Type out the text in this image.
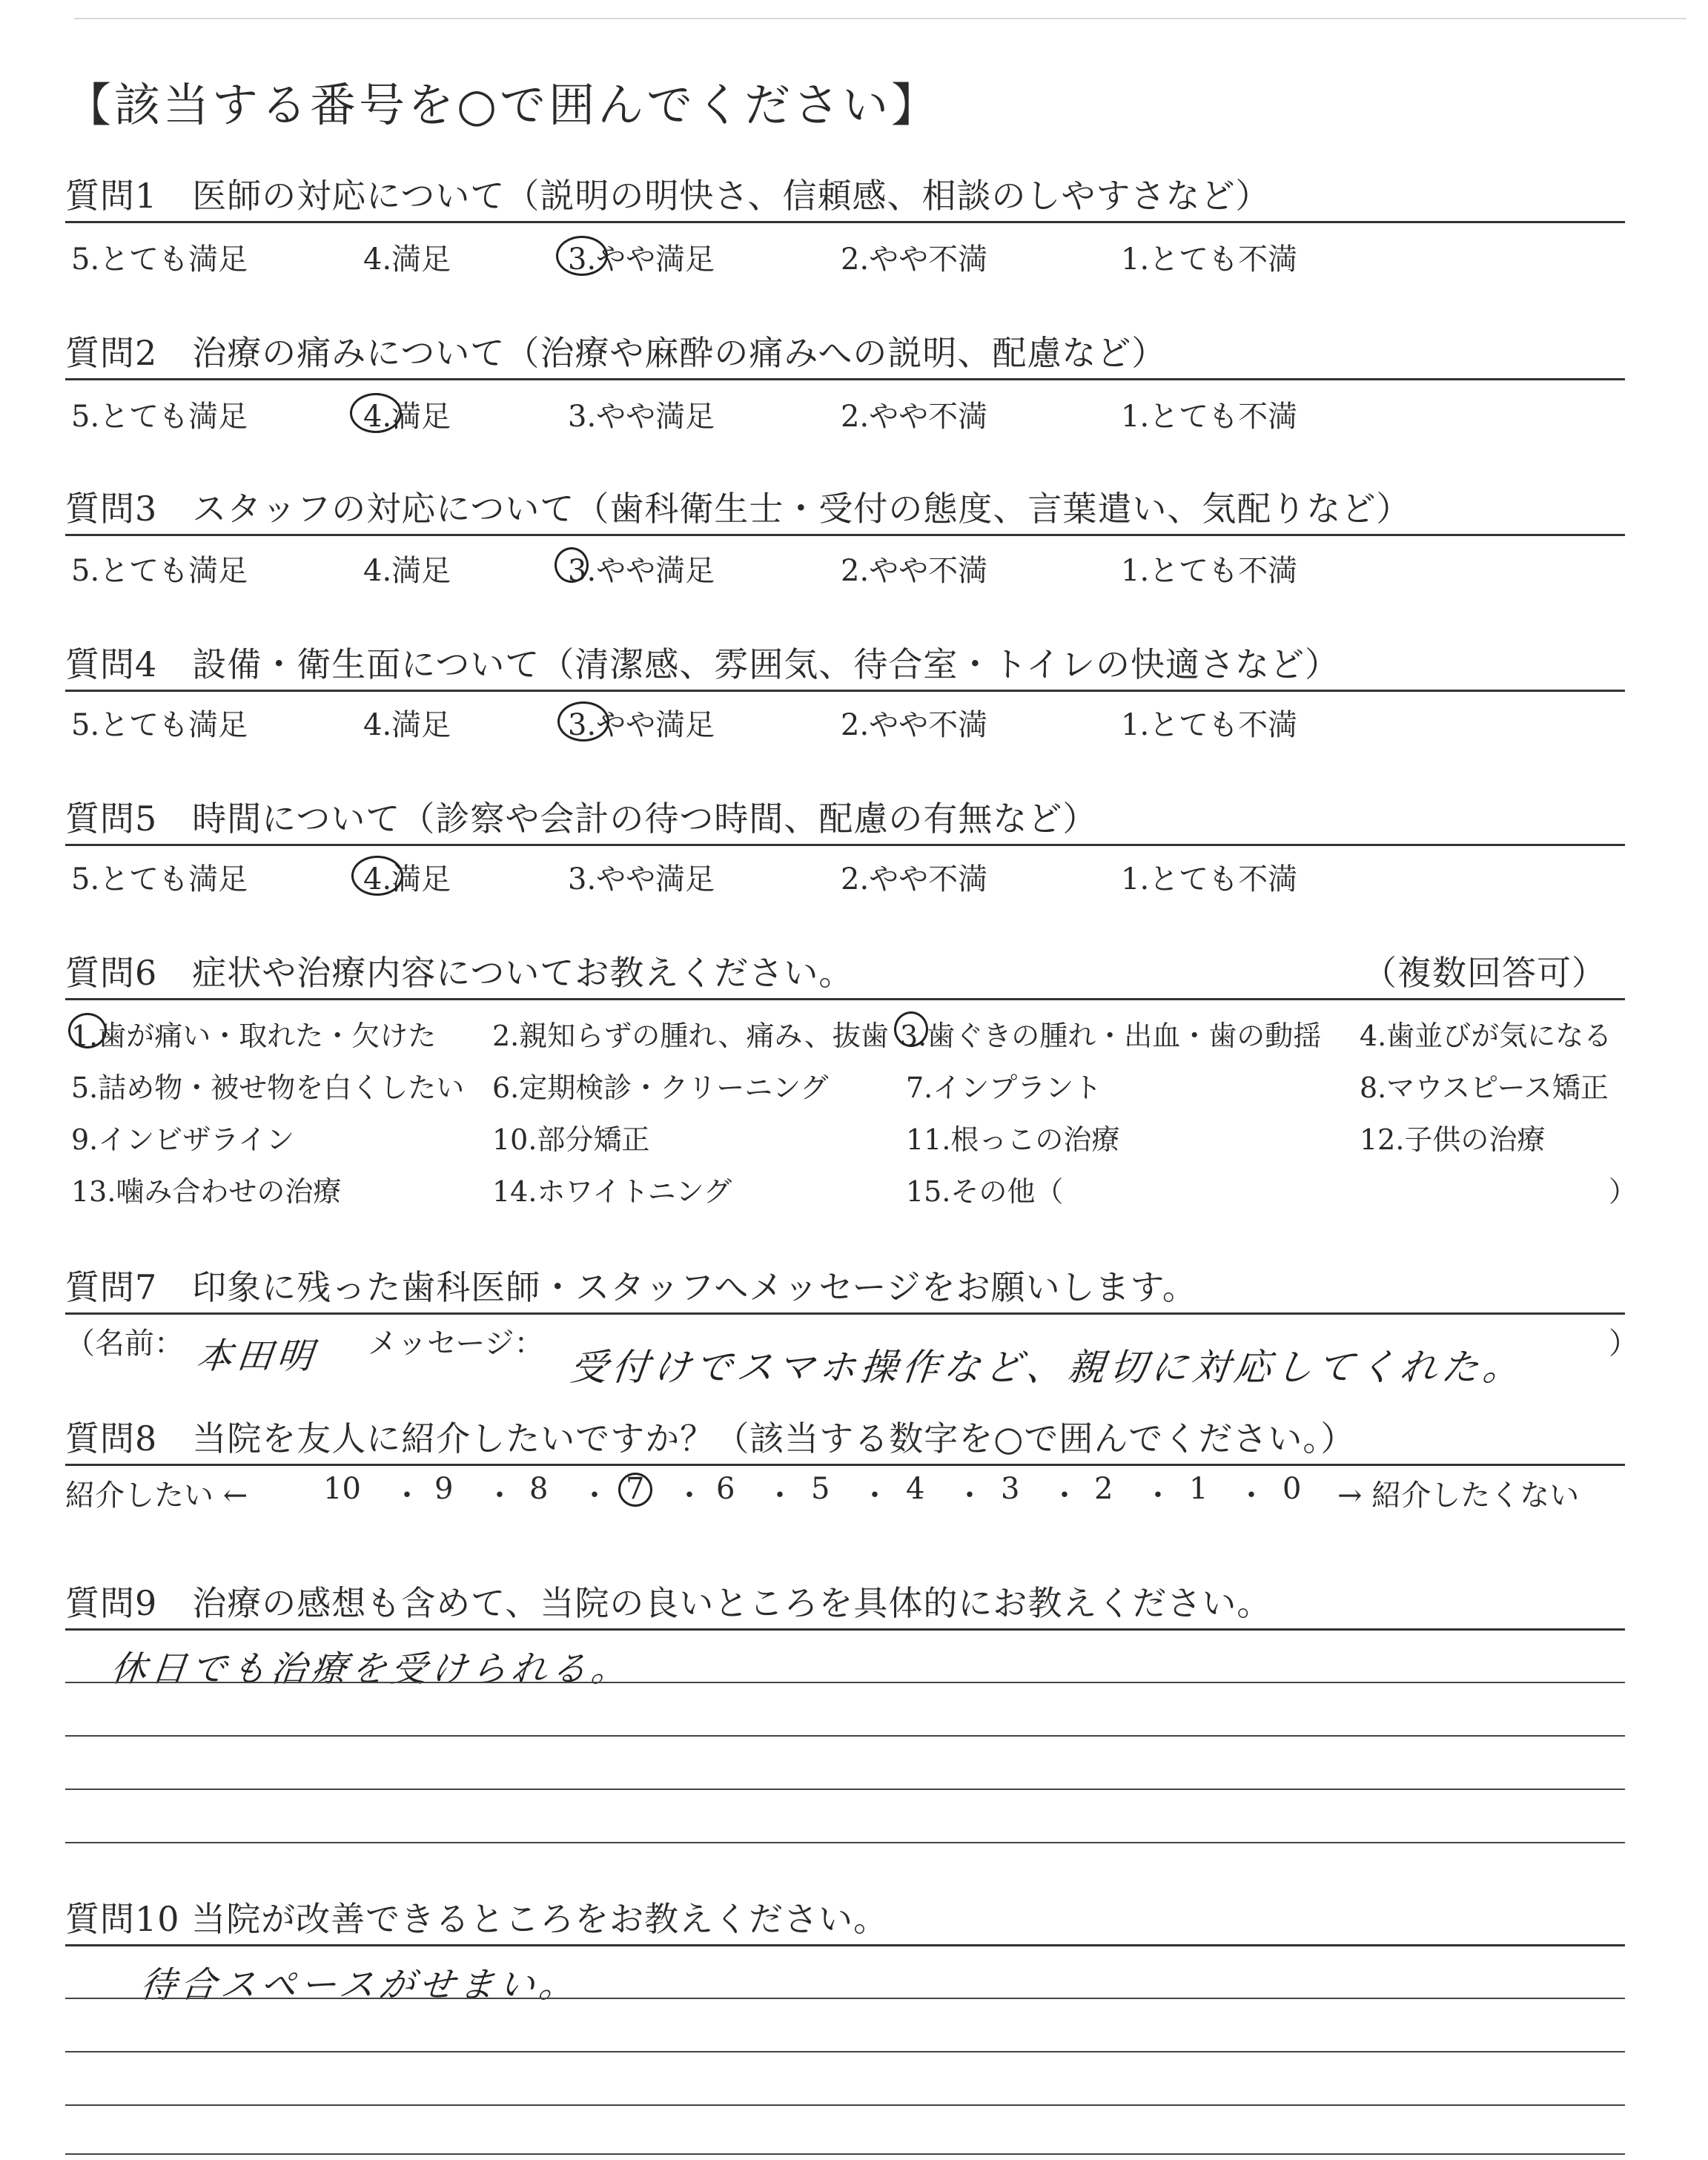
【該当する番号を○で囲んでください】
質問1　医師の対応について（説明の明快さ、信頼感、相談のしやすさなど）
5.とても満足	4.満足	3.やや満足	2.やや不満	1.とても不満
質問2　治療の痛みについて（治療や麻酔の痛みへの説明、配慮など）
5.とても満足	4.満足	3.やや満足	2.やや不満	1.とても不満
質問3　スタッフの対応について（歯科衛生士・受付の態度、言葉遣い、気配りなど）
5.とても満足	4.満足	3.やや満足	2.やや不満	1.とても不満
質問4　設備・衛生面について（清潔感、雰囲気、待合室・トイレの快適さなど）
5.とても満足	4.満足	3.やや満足	2.やや不満	1.とても不満
質問5　時間について（診察や会計の待つ時間、配慮の有無など）
5.とても満足	4.満足	3.やや満足	2.やや不満	1.とても不満
質問6　症状や治療内容についてお教えください。	（複数回答可）
1.歯が痛い・取れた・欠けた 2.親知らずの腫れ、痛み、抜歯 3.歯ぐきの腫れ・出血・歯の動揺 4.歯並びが気になる
5.詰め物・被せ物を白くしたい 6.定期検診・クリーニング	7.インプラント	8.マウスピース矯正
9.インビザライン	10.部分矯正	11.根っこの治療	12.子供の治療
13.噛み合わせの治療	14.ホワイトニング	15.その他（	）
質問7　印象に残った歯科医師・スタッフへメッセージをお願いします。
（名前： 本田明 メッセージ：
受付けでスマホ操作など、親切に対応してくれた。
）
質問8　当院を友人に紹介したいですか？（該当する数字を○で囲んでください。）
紹介したい ←	10 ・ 9 ・ 8 ・ 7 ・ 6 ・ 5 ・ 4 ・ 3 ・ 2 ・ 1 ・ 0 → 紹介したくない
質問9　治療の感想も含めて、当院の良いところを具体的にお教えください。
休日でも治療を受けられる。
質問10 当院が改善できるところをお教えください。
待合スペースがせまい。
